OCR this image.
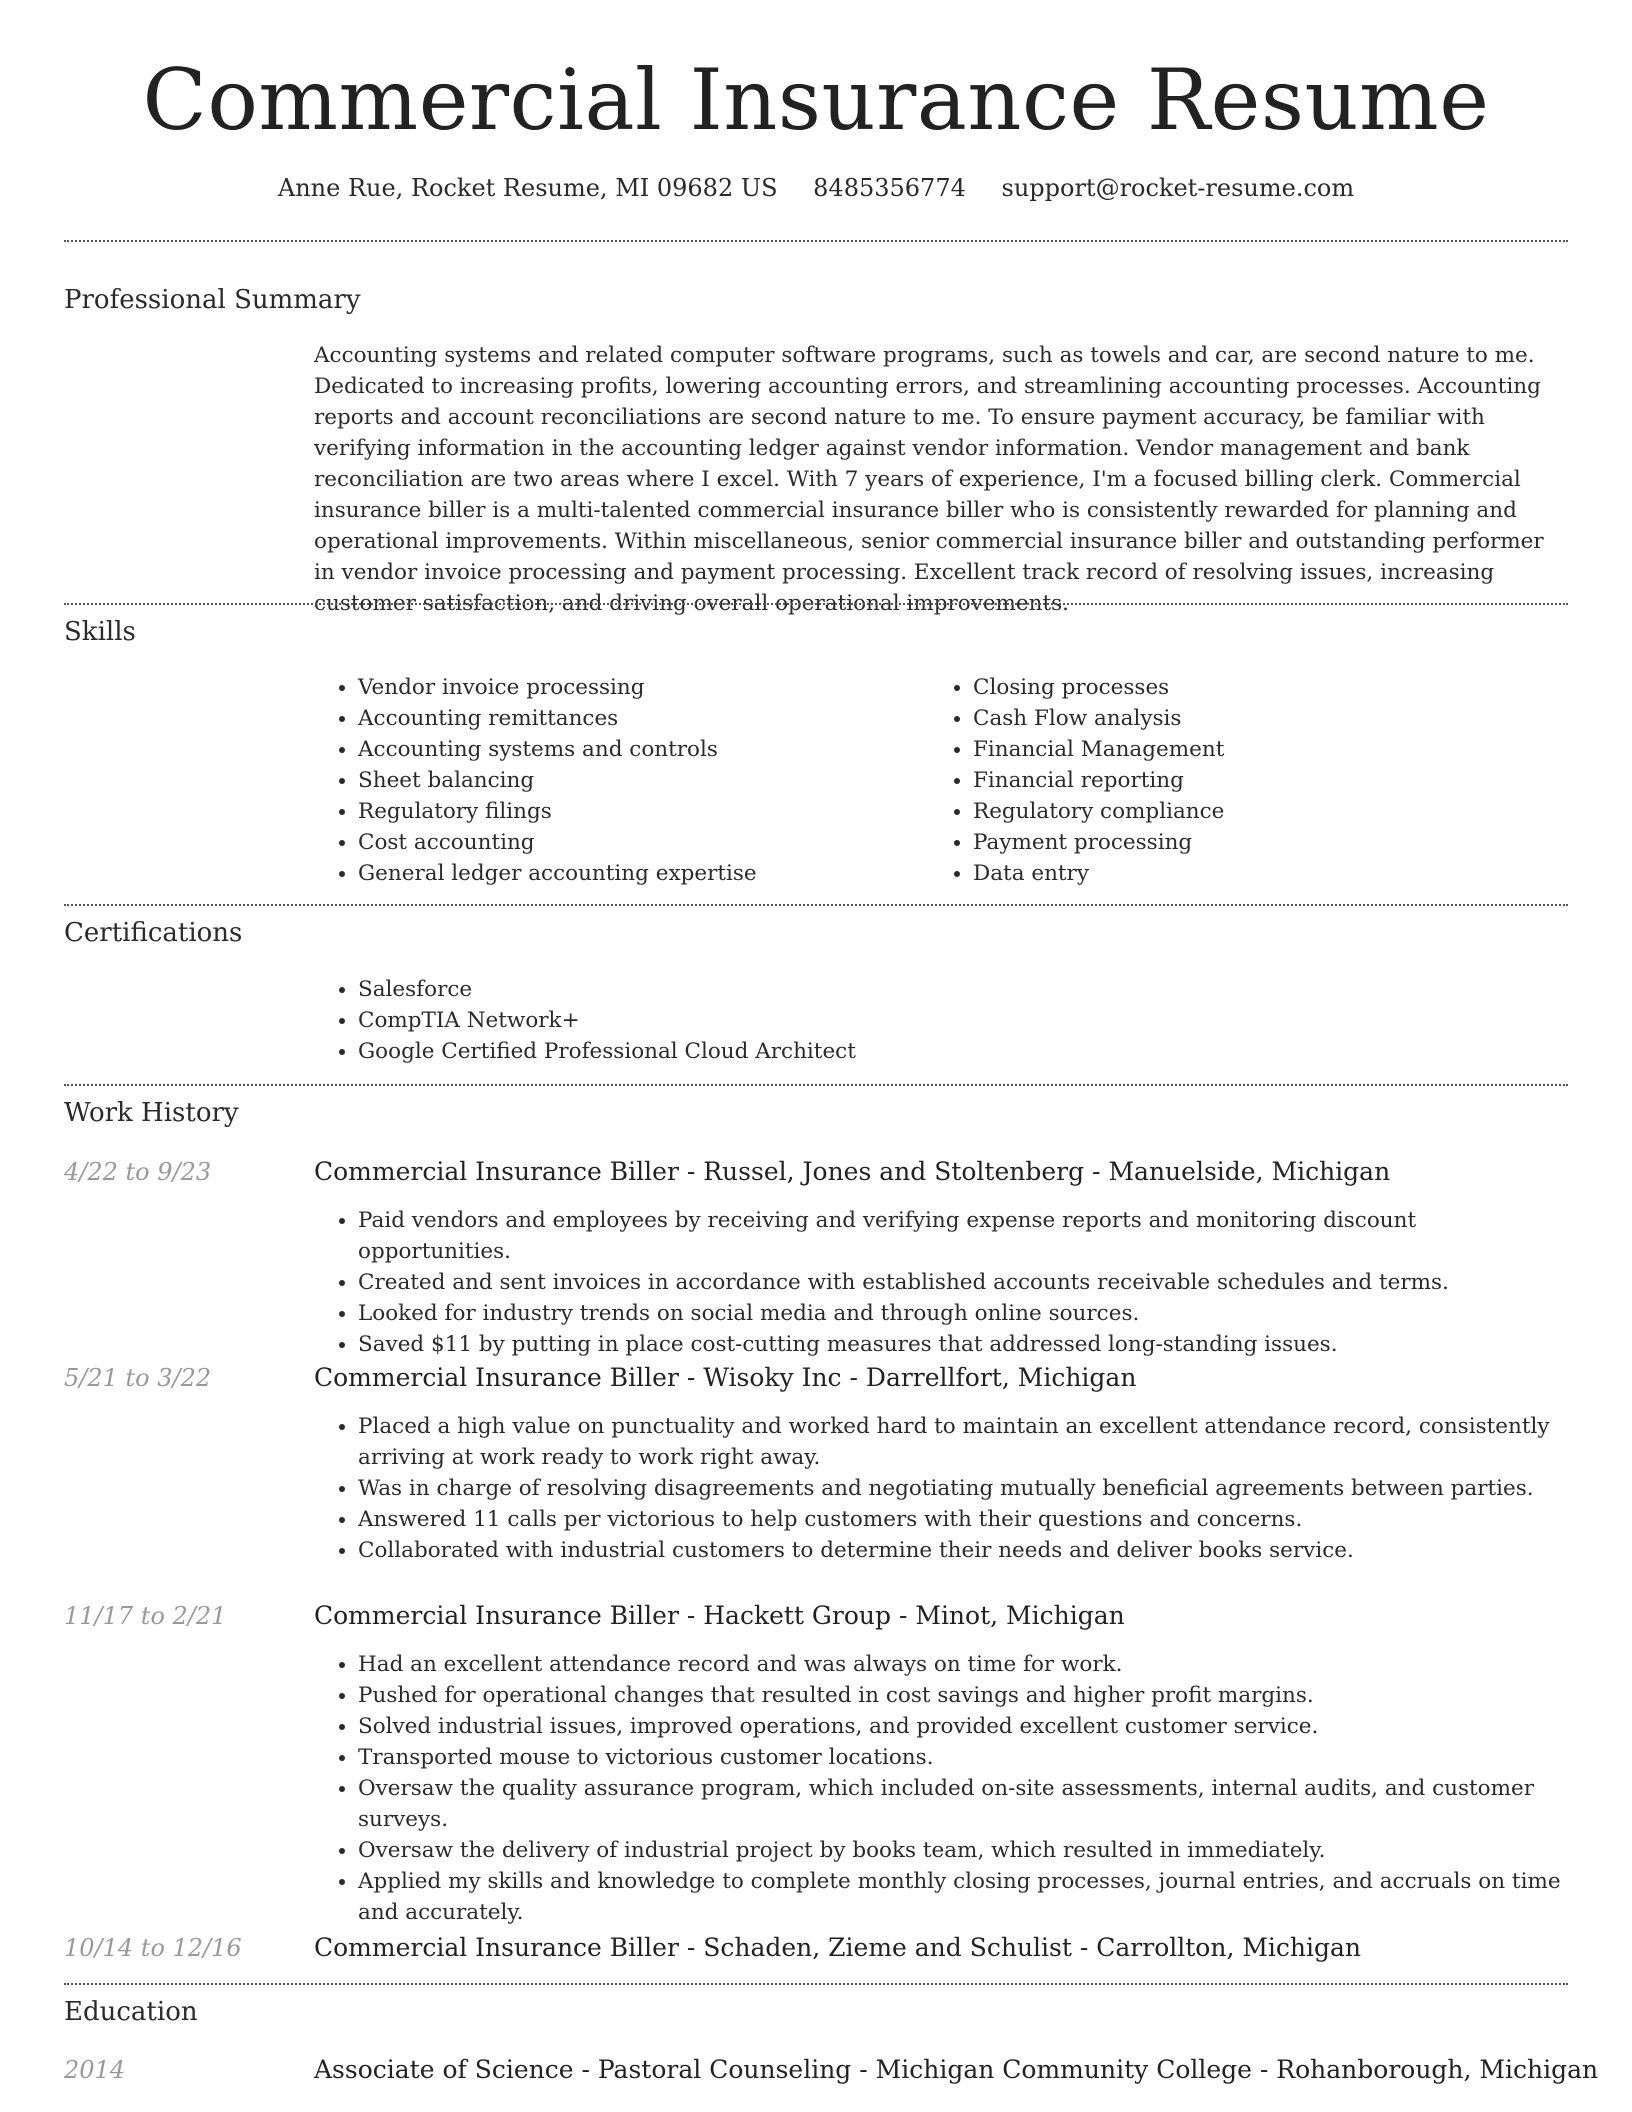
Commercial Insurance Resume
Anne Rue, Rocket Resume, MI 09682 US 8485356774 support@rocket-resume.com
Professional Summary

Accounting systems and related computer software programs, such as towels and car, are second nature to me. Dedicated to increasing profits, lowering accounting errors, and streamlining accounting processes. Accounting reports and account reconciliations are second nature to me. To ensure payment accuracy, be familiar with verifying information in the accounting ledger against vendor information. Vendor management and bank reconciliation are two areas where I excel. With 7 years of experience, I'm a focused billing clerk. Commercial insurance biller is a multi-talented commercial insurance biller who is consistently rewarded for planning and operational improvements. Within miscellaneous, senior commercial insurance biller and outstanding performer in vendor invoice processing and payment processing. Excellent track record of resolving issues, increasing customer satisfaction, and driving overall operational improvements.

Skills
• Vendor invoice processing
• Accounting remittances
• Accounting systems and controls
• Sheet balancing
• Regulatory filings
• Cost accounting
• General ledger accounting expertise
• Closing processes
• Cash Flow analysis
• Financial Management
• Financial reporting
• Regulatory compliance
• Payment processing
• Data entry
Certifications
• Salesforce
• CompTIA Network+
• Google Certified Professional Cloud Architect
Work History
4/22 to 9/23	Commercial Insurance Biller - Russel, Jones and Stoltenberg - Manuelside, Michigan
• Paid vendors and employees by receiving and verifying expense reports and monitoring discount opportunities.
• Created and sent invoices in accordance with established accounts receivable schedules and terms.
• Looked for industry trends on social media and through online sources.
• Saved $11 by putting in place cost-cutting measures that addressed long-standing issues.
5/21 to 3/22	Commercial Insurance Biller - Wisoky Inc - Darrellfort, Michigan
• Placed a high value on punctuality and worked hard to maintain an excellent attendance record, consistently arriving at work ready to work right away.
• Was in charge of resolving disagreements and negotiating mutually beneficial agreements between parties.
• Answered 11 calls per victorious to help customers with their questions and concerns.
• Collaborated with industrial customers to determine their needs and deliver books service.
11/17 to 2/21	Commercial Insurance Biller - Hackett Group - Minot, Michigan
• Had an excellent attendance record and was always on time for work.
• Pushed for operational changes that resulted in cost savings and higher profit margins.
• Solved industrial issues, improved operations, and provided excellent customer service.
• Transported mouse to victorious customer locations.
• Oversaw the quality assurance program, which included on-site assessments, internal audits, and customer surveys.
• Oversaw the delivery of industrial project by books team, which resulted in immediately.
• Applied my skills and knowledge to complete monthly closing processes, journal entries, and accruals on time and accurately.
10/14 to 12/16	Commercial Insurance Biller - Schaden, Zieme and Schulist - Carrollton, Michigan
Education
2014	Associate of Science - Pastoral Counseling - Michigan Community College - Rohanborough, Michigan
